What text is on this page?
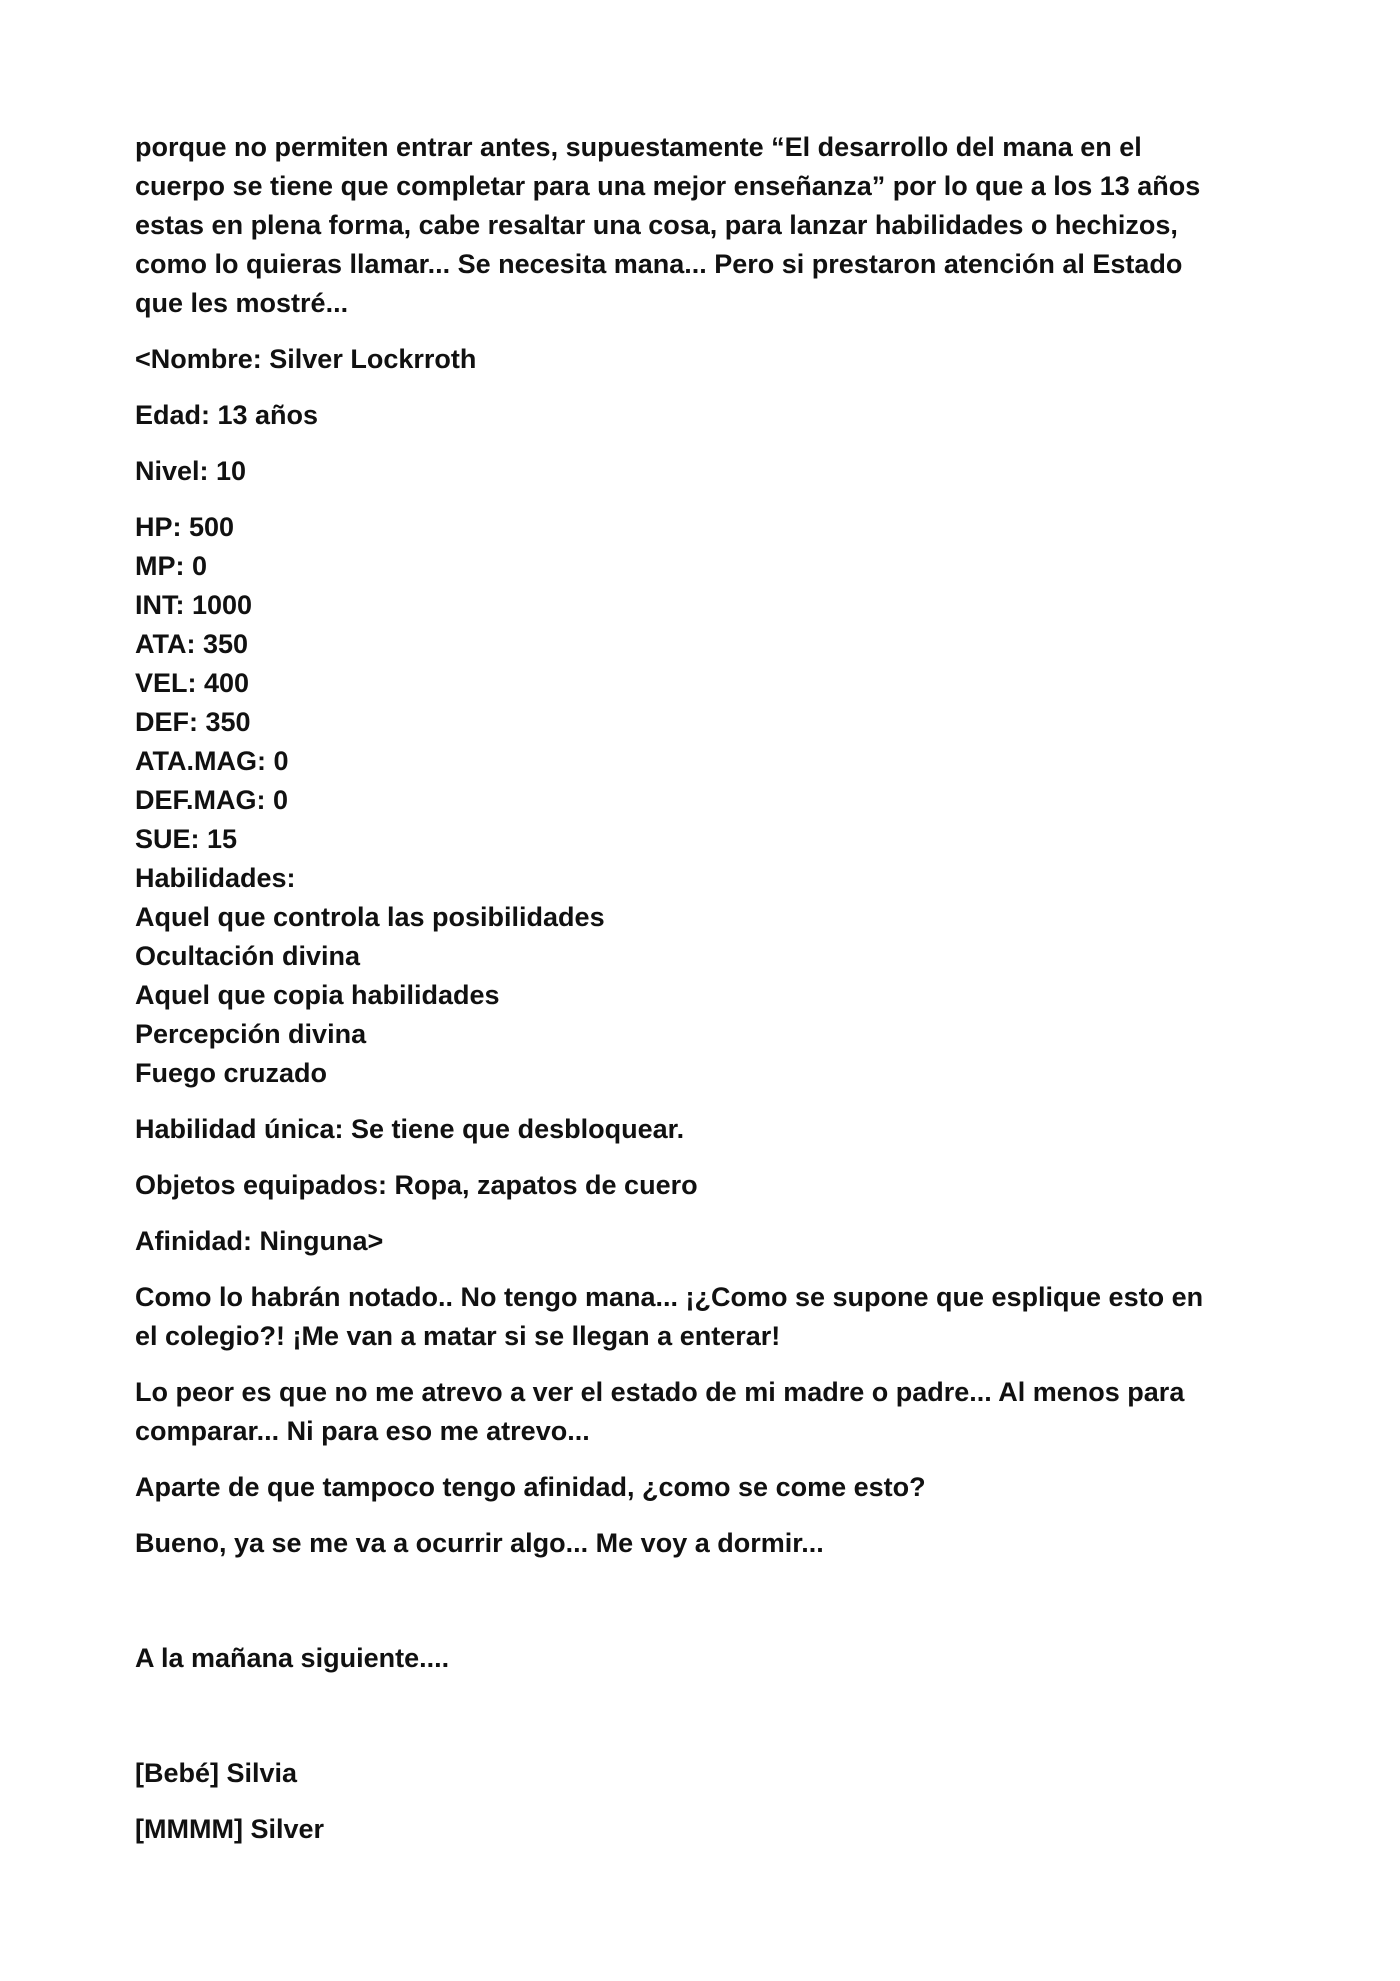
porque no permiten entrar antes, supuestamente “El desarrollo del mana en el
cuerpo se tiene que completar para una mejor enseñanza” por lo que a los 13 años
estas en plena forma, cabe resaltar una cosa, para lanzar habilidades o hechizos,
como lo quieras llamar... Se necesita mana... Pero si prestaron atención al Estado
que les mostré...

<Nombre: Silver Lockrroth

Edad: 13 años

Nivel: 10

HP: 500
MP: 0
INT: 1000
ATA: 350
VEL: 400
DEF: 350
ATA.MAG: 0
DEF.MAG: 0
SUE: 15
Habilidades:
Aquel que controla las posibilidades
Ocultación divina
Aquel que copia habilidades
Percepción divina
Fuego cruzado

Habilidad única: Se tiene que desbloquear.

Objetos equipados: Ropa, zapatos de cuero

Afinidad: Ninguna>

Como lo habrán notado.. No tengo mana... ¡¿Como se supone que esplique esto en
el colegio?! ¡Me van a matar si se llegan a enterar!

Lo peor es que no me atrevo a ver el estado de mi madre o padre... Al menos para
comparar... Ni para eso me atrevo...

Aparte de que tampoco tengo afinidad, ¿como se come esto?

Bueno, ya se me va a ocurrir algo... Me voy a dormir...

A la mañana siguiente....

[Bebé] Silvia

[MMMM] Silver
